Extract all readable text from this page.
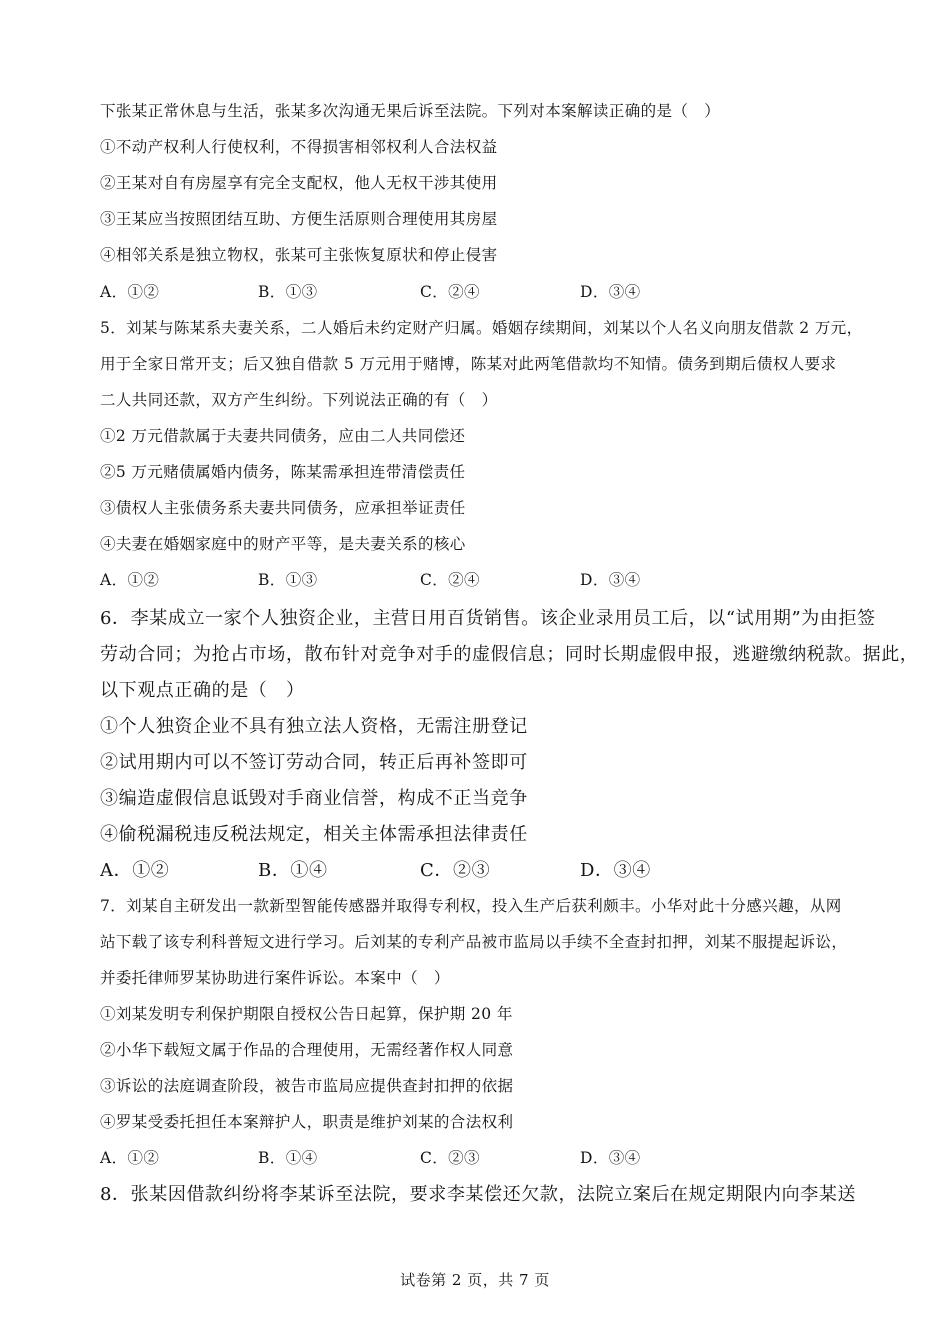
下张某正常休息与生活，张某多次沟通无果后诉至法院。下列对本案解读正确的是（　）
①不动产权利人行使权利，不得损害相邻权利人合法权益
②王某对自有房屋享有完全支配权，他人无权干涉其使用
③王某应当按照团结互助、方便生活原则合理使用其房屋
④相邻关系是独立物权，张某可主张恢复原状和停止侵害
A．①②	B．①③	C．②④	D．③④
5．刘某与陈某系夫妻关系，二人婚后未约定财产归属。婚姻存续期间，刘某以个人名义向朋友借款 2 万元，
用于全家日常开支；后又独自借款 5 万元用于赌博，陈某对此两笔借款均不知情。债务到期后债权人要求
二人共同还款，双方产生纠纷。下列说法正确的有（　）
①2 万元借款属于夫妻共同债务，应由二人共同偿还
②5 万元赌债属婚内债务，陈某需承担连带清偿责任
③债权人主张债务系夫妻共同债务，应承担举证责任
④夫妻在婚姻家庭中的财产平等，是夫妻关系的核心
A．①②	B．①③	C．②④	D．③④
6．李某成立一家个人独资企业，主营日用百货销售。该企业录用员工后，以“试用期”为由拒签
劳动合同；为抢占市场，散布针对竞争对手的虚假信息；同时长期虚假申报，逃避缴纳税款。据此，
以下观点正确的是（　）
①个人独资企业不具有独立法人资格，无需注册登记
②试用期内可以不签订劳动合同，转正后再补签即可
③编造虚假信息诋毁对手商业信誉，构成不正当竞争
④偷税漏税违反税法规定，相关主体需承担法律责任
A．①②	B．①④	C．②③	D．③④
7．刘某自主研发出一款新型智能传感器并取得专利权，投入生产后获利颇丰。小华对此十分感兴趣，从网
站下载了该专利科普短文进行学习。后刘某的专利产品被市监局以手续不全查封扣押，刘某不服提起诉讼，
并委托律师罗某协助进行案件诉讼。本案中（　）
①刘某发明专利保护期限自授权公告日起算，保护期 20 年
②小华下载短文属于作品的合理使用，无需经著作权人同意
③诉讼的法庭调查阶段，被告市监局应提供查封扣押的依据
④罗某受委托担任本案辩护人，职责是维护刘某的合法权利
A．①②	B．①④	C．②③	D．③④
8．张某因借款纠纷将李某诉至法院，要求李某偿还欠款，法院立案后在规定期限内向李某送
试卷第 2 页，共 7 页
